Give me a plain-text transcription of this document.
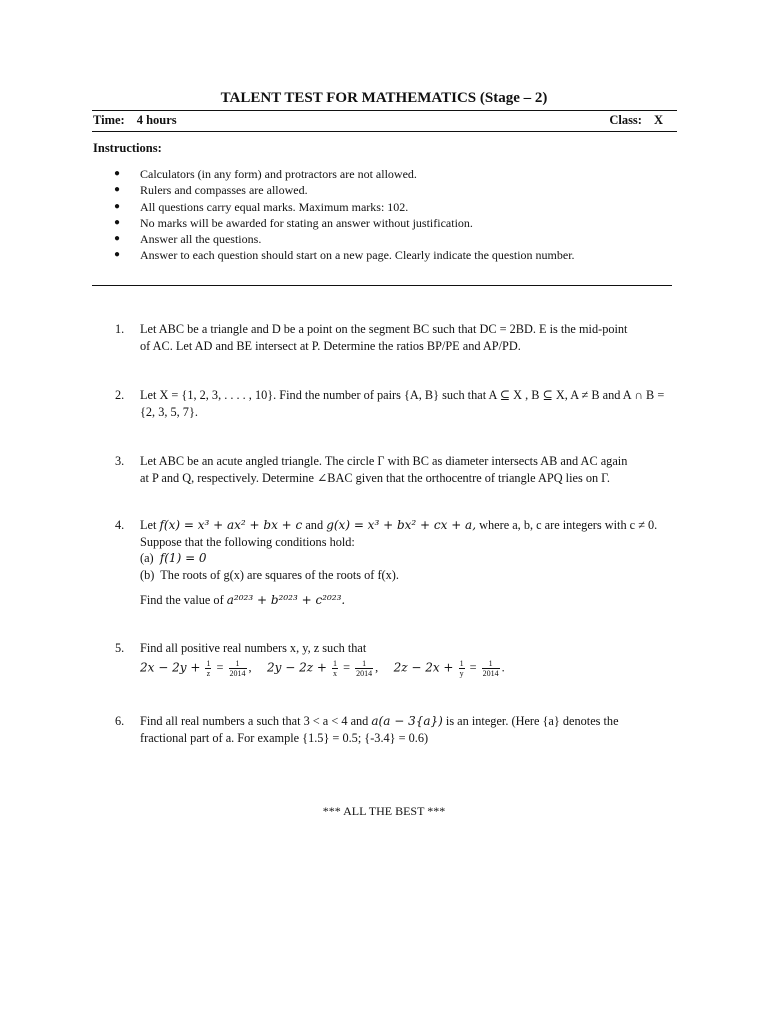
TALENT TEST FOR MATHEMATICS (Stage – 2)
Time: 4 hours	Class: X
Instructions:
● Calculators (in any form) and protractors are not allowed.
● Rulers and compasses are allowed.
● All questions carry equal marks. Maximum marks: 102.
● No marks will be awarded for stating an answer without justification.
● Answer all the questions.
● Answer to each question should start on a new page. Clearly indicate the question number.
1. Let ABC be a triangle and D be a point on the segment BC such that DC = 2BD. E is the mid-point

of AC. Let AD and BE intersect at P. Determine the ratios BP/PE and AP/PD.

2. Let X = {1, 2, 3, . . . . , 10}. Find the number of pairs {A, B} such that A ⊆ X , B ⊆ X, A ≠ B and A ∩ B =

{2, 3, 5, 7}.

3. Let ABC be an acute angled triangle. The circle Γ with BC as diameter intersects AB and AC again

at P and Q, respectively. Determine ∠BAC given that the orthocentre of triangle APQ lies on Γ.

4. Let f(x) = x³ + ax² + bx + c and g(x) = x³ + bx² + cx + a, where a, b, c are integers with c ≠ 0.

Suppose that the following conditions hold:

(a) f(1) = 0

(b) The roots of g(x) are squares of the roots of f(x).

Find the value of a²⁰²³ + b²⁰²³ + c²⁰²³.

5. Find all positive real numbers x, y, z such that

$2x - 2y + \frac{1}{z} = \frac{1}{2014}$ ,     $2y - 2z + \frac{1}{x} = \frac{1}{2014}$ ,     $2z - 2x + \frac{1}{y} = \frac{1}{2014}$ .

6. Find all real numbers a such that 3 < a < 4 and a(a − 3{a}) is an integer. (Here {a} denotes the

fractional part of a. For example {1.5} = 0.5; {-3.4} = 0.6)

*** ALL THE BEST ***
